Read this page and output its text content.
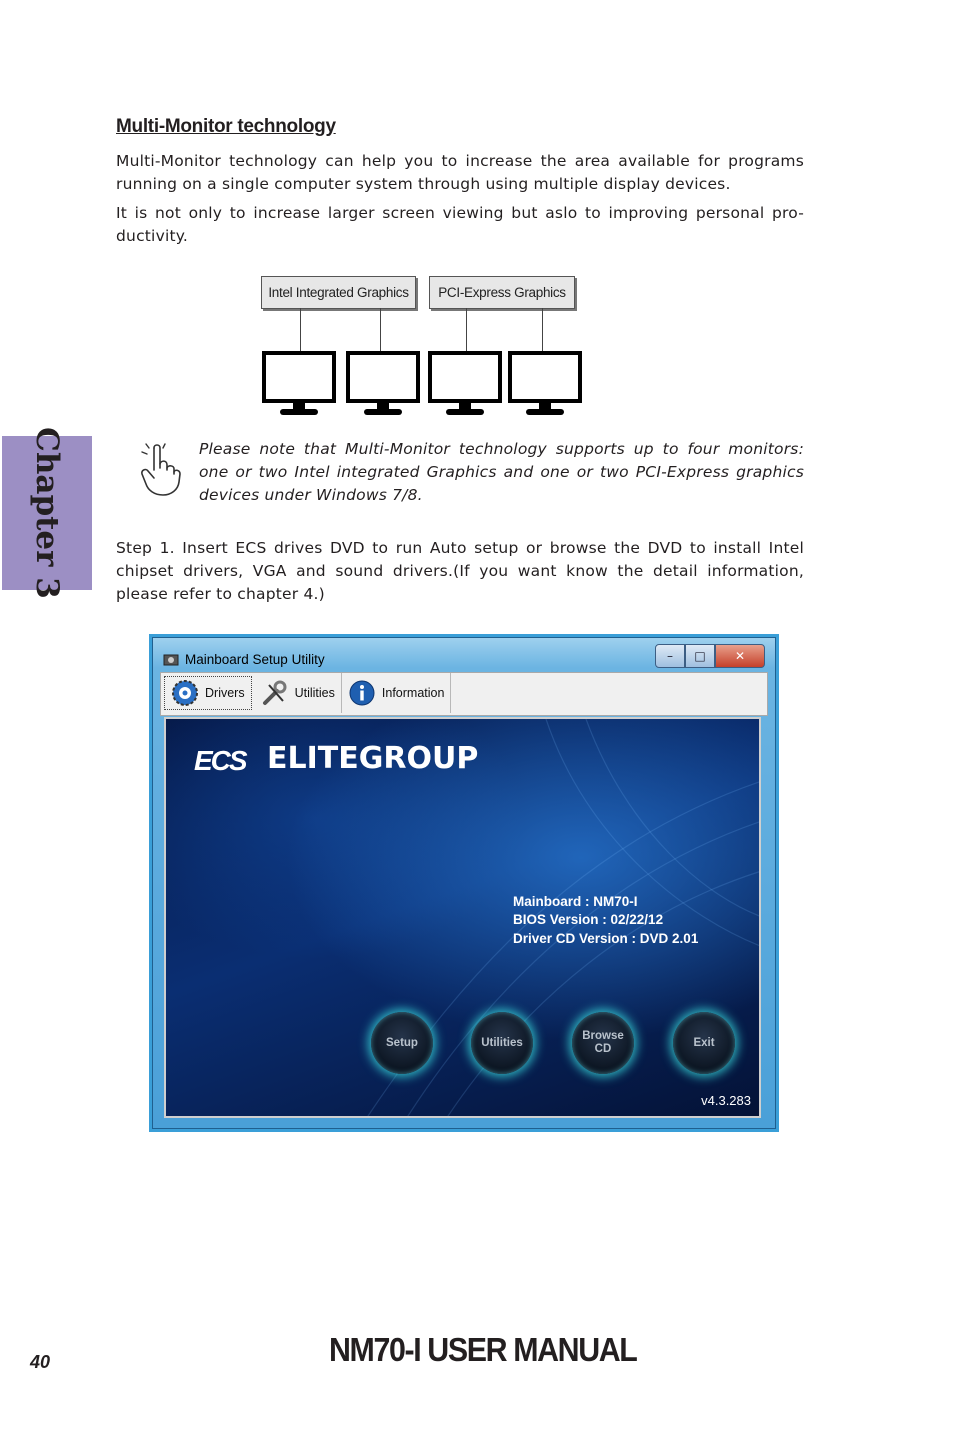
Multi-Monitor technology
Multi-Monitor technology can help you to increase the area available for programs running on a single computer system through using multiple display devices.
It is not only to increase larger screen viewing but aslo to improving personal pro-ductivity.
Chapter 3
Intel Integrated Graphics	PCI-Express Graphics
Please note that Multi-Monitor technology supports up to four monitors: one or two Intel integrated Graphics and one or two PCI-Express graphics devices under Windows 7/8.
Step 1. Insert ECS drives DVD to run Auto setup or browse the DVD to install Intel chipset drivers, VGA and sound drivers.(If you want know the detail information, please refer to chapter 4.)
Mainboard Setup Utility	–	□	✕
Drivers	Utilities	Information
ECS ELITEGROUP
Mainboard : NM70-I
BIOS Version : 02/22/12
Driver CD Version : DVD 2.01
Setup	Utilities
Browse
CD
Exit
v4.3.283
40	NM70-I USER MANUAL
